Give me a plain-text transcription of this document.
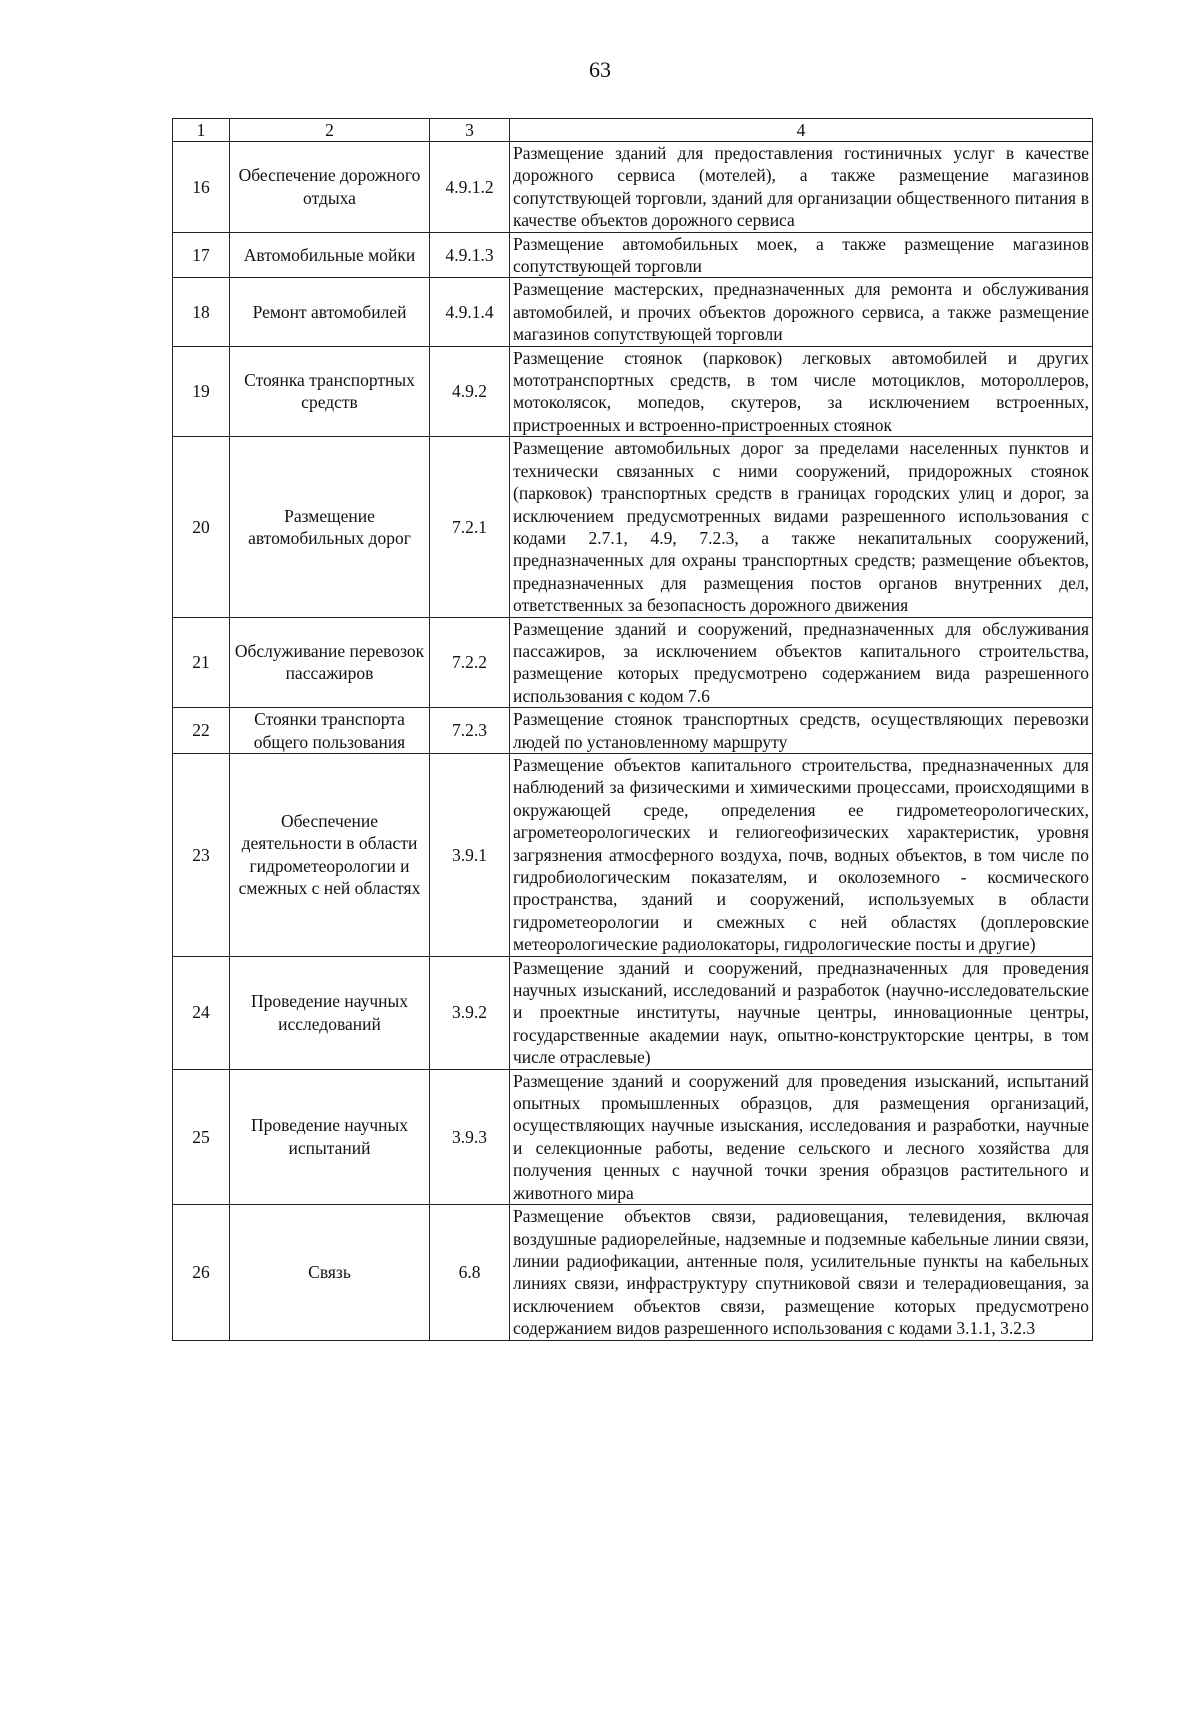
63
1	2	3	4
16	Обеспечение дорожного отдыха	4.9.1.2	Размещение зданий для предоставления гостиничных услуг в качестве дорожного сервиса (мотелей), а также размещение магазинов сопутствующей торговли, зданий для организации общественного питания в качестве объектов дорожного сервиса
17	Автомобильные мойки	4.9.1.3	Размещение автомобильных моек, а также размещение магазинов сопутствующей торговли
18	Ремонт автомобилей	4.9.1.4	Размещение мастерских, предназначенных для ремонта и обслуживания автомобилей, и прочих объектов дорожного сервиса, а также размещение магазинов сопутствующей торговли
19	Стоянка транспортных средств	4.9.2	Размещение стоянок (парковок) легковых автомобилей и других мототранспортных средств, в том числе мотоциклов, мотороллеров, мотоколясок, мопедов, скутеров, за исключением встроенных, пристроенных и встроенно-пристроенных стоянок
20	Размещение автомобильных дорог	7.2.1	Размещение автомобильных дорог за пределами населенных пунктов и технически связанных с ними сооружений, придорожных стоянок (парковок) транспортных средств в границах городских улиц и дорог, за исключением предусмотренных видами разрешенного использования с кодами 2.7.1, 4.9, 7.2.3, а также некапитальных сооружений, предназначенных для охраны транспортных средств; размещение объектов, предназначенных для размещения постов органов внутренних дел, ответственных за безопасность дорожного движения
21	Обслуживание перевозок пассажиров	7.2.2	Размещение зданий и сооружений, предназначенных для обслуживания пассажиров, за исключением объектов капитального строительства, размещение которых предусмотрено содержанием вида разрешенного использования с кодом 7.6
22	Стоянки транспорта общего пользования	7.2.3	Размещение стоянок транспортных средств, осуществляющих перевозки людей по установленному маршруту
23	Обеспечение деятельности в области гидрометеорологии и смежных с ней областях	3.9.1	Размещение объектов капитального строительства, предназначенных для наблюдений за физическими и химическими процессами, происходящими в окружающей среде, определения ее гидрометеорологических, агрометеорологических и гелиогеофизических характеристик, уровня загрязнения атмосферного воздуха, почв, водных объектов, в том числе по гидробиологическим показателям, и околоземного - космического пространства, зданий и сооружений, используемых в области гидрометеорологии и смежных с ней областях (доплеровские метеорологические радиолокаторы, гидрологические посты и другие)
24	Проведение научных исследований	3.9.2	Размещение зданий и сооружений, предназначенных для проведения научных изысканий, исследований и разработок (научно-исследовательские и проектные институты, научные центры, инновационные центры, государственные академии наук, опытно-конструкторские центры, в том числе отраслевые)
25	Проведение научных испытаний	3.9.3	Размещение зданий и сооружений для проведения изысканий, испытаний опытных промышленных образцов, для размещения организаций, осуществляющих научные изыскания, исследования и разработки, научные и селекционные работы, ведение сельского и лесного хозяйства для получения ценных с научной точки зрения образцов растительного и животного мира
26	Связь	6.8	Размещение объектов связи, радиовещания, телевидения, включая воздушные радиорелейные, надземные и подземные кабельные линии связи, линии радиофикации, антенные поля, усилительные пункты на кабельных линиях связи, инфраструктуру спутниковой связи и телерадиовещания, за исключением объектов связи, размещение которых предусмотрено содержанием видов разрешенного использования с кодами 3.1.1, 3.2.3
